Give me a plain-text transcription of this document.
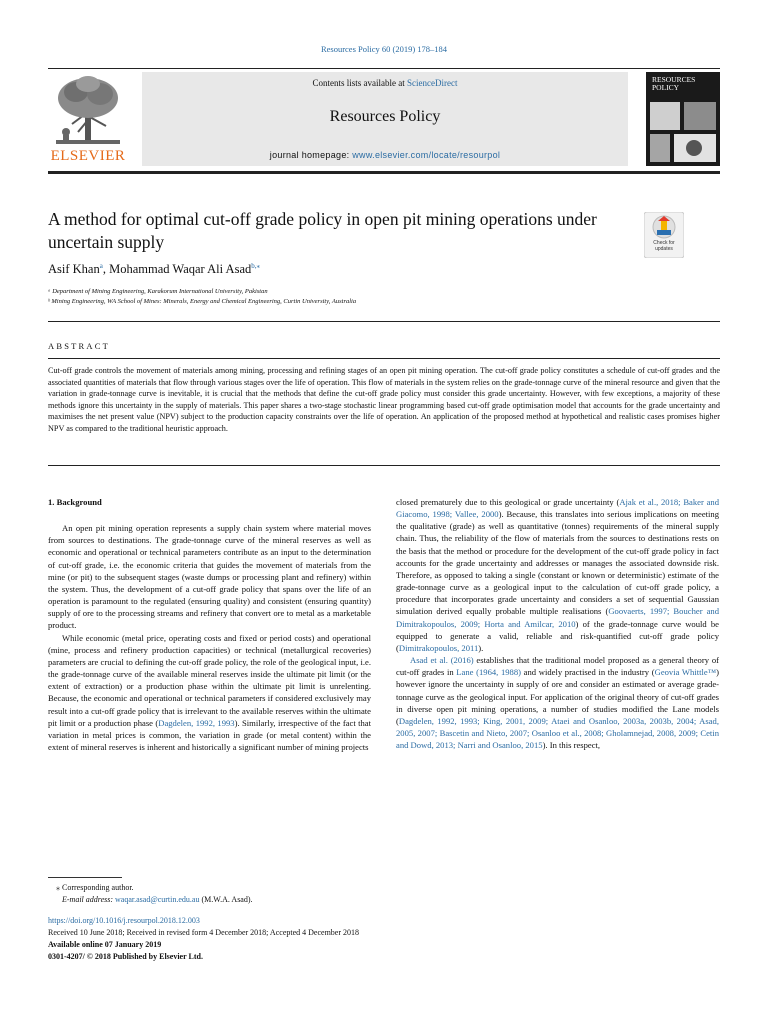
Resources Policy 60 (2019) 178–184
ELSEVIER
Contents lists available at ScienceDirect
Resources Policy
journal homepage: www.elsevier.com/locate/resourpol
RESOURCES
POLICY
A method for optimal cut-off grade policy in open pit mining operations under uncertain supply	Check for updates
Asif Khan$^a$, Mohammad Waqar Ali Asad$^{b,⁎}$
ᵃ Department of Mining Engineering, Karakorum International University, Pakistan
ᵇ Mining Engineering, WA School of Mines: Minerals, Energy and Chemical Engineering, Curtin University, Australia
ABSTRACT
Cut-off grade controls the movement of materials among mining, processing and refining stages of an open pit mining operation. The cut-off grade policy constitutes a schedule of cut-off grades and the associated quantities of materials that flow through various stages over the life of operation. This flow of materials in the system relies on the grade-tonnage curve of the mineral resource and given that the variation in grade-tonnage curve is inevitable, it is crucial that the methods that define the cut-off grade policy must consider this grade uncertainty. However, with few exceptions, a majority of these methods ignore this uncertainty in the supply of materials. This paper shares a two-stage stochastic linear programming based cut-off grade optimisation model that accounts for the grade uncertainty and maximises the net present value (NPV) subject to the production capacity constraints over the life of operation. An application of the proposed method at hypothetical and realistic cases promises higher NPV as compared to the traditional heuristic approach.
1. Background

An open pit mining operation represents a supply chain system where material moves from sources to destinations. The grade-tonnage curve of the mineral reserves as well as economic and operational or technical parameters contribute as an input to the determination of cut-off grade, i.e. the economic criteria that guides the movement of materials from the mine (or pit) to the subsequent stages (waste dumps or processing plant and refinery) within the system. Thus, the development of a cut-off grade policy that spans over the life of an operation is paramount to the regulated (ensuring quality) and consistent (ensuring quantity) supply of ore to the processing streams and refinery that convert ore to metal as a marketable product.

While economic (metal price, operating costs and fixed or period costs) and operational (mine, process and refinery production capacities) or technical (metallurgical recoveries) parameters are crucial to defining the cut-off grade policy, the role of the geological input, i.e. the grade-tonnage curve of the available mineral reserves inside the ultimate pit limit (or the extent of extraction) or a production phase within the ultimate pit limit is unrelenting. Because, the economic and operational or technical parameters if considered exclusively may result into a cut-off grade policy that is irrelevant to the available reserves within the ultimate pit limit or a production phase (Dagdelen, 1992, 1993). Similarly, irrespective of the fact that variation in metal prices is common, the variation in grade (or metal content) within the extent of mineral reserves is inherent and historically a significant number of mining projects

closed prematurely due to this geological or grade uncertainty (Ajak et al., 2018; Baker and Giacomo, 1998; Vallee, 2000). Because, this translates into serious implications on meeting the qualitative (grade) as well as quantitative (tonnes) requirements of the mineral supply chain. Thus, the reliability of the flow of materials from the sources to destinations rests on the basis that the method or procedure for the development of the cut-off grade policy in fact accounts for the grade uncertainty and addresses or manages the associated downside risk. Therefore, as opposed to taking a single (constant or known or deterministic) estimate of the grade-tonnage curve as a geological input to the calculation of cut-off grade policy, a procedure that incorporates grade uncertainty and considers a set of sequential Gaussian simulation derived equally probable multiple realisations (Goovaerts, 1997; Boucher and Dimitrakopoulos, 2009; Horta and Amilcar, 2010) of the grade-tonnage curve would be equipped to generate a valid, reliable and risk-quantified cut-off grade policy (Dimitrakopoulos, 2011).

Asad et al. (2016) establishes that the traditional model proposed as a general theory of cut-off grades in Lane (1964, 1988) and widely practised in the industry (Geovia Whittle™) however ignore the uncertainty in supply of ore and consider an estimated or average grade-tonnage curve as the geological input. For application of the original theory of cut-off grades in diverse open pit mining operations, a number of studies modified the Lane models (Dagdelen, 1992, 1993; King, 2001, 2009; Ataei and Osanloo, 2003a, 2003b, 2004; Asad, 2005, 2007; Bascetin and Nieto, 2007; Osanloo et al., 2008; Gholamnejad, 2008, 2009; Cetin and Dowd, 2013; Narri and Osanloo, 2015). In this respect,

⁎ Corresponding author.
E-mail address: waqar.asad@curtin.edu.au (M.W.A. Asad).
https://doi.org/10.1016/j.resourpol.2018.12.003
Received 10 June 2018; Received in revised form 4 December 2018; Accepted 4 December 2018
Available online 07 January 2019
0301-4207/ © 2018 Published by Elsevier Ltd.
